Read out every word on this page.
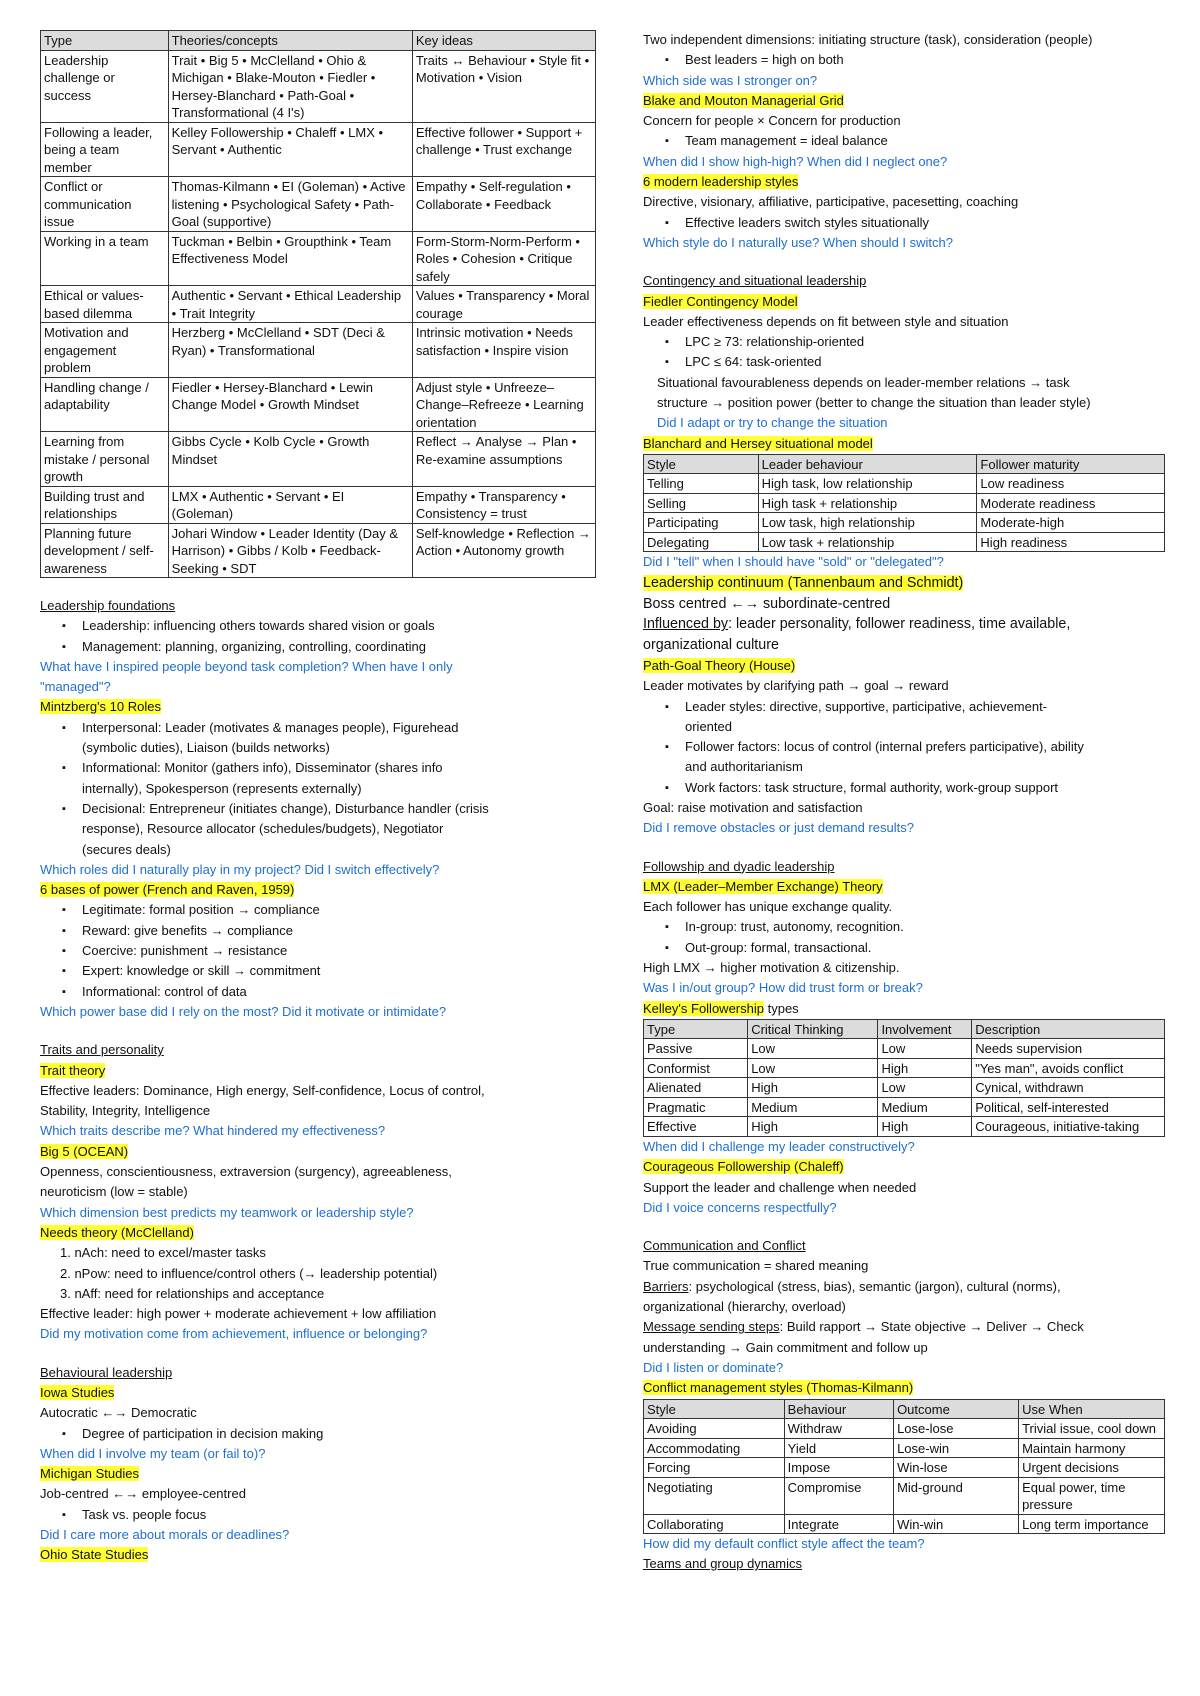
Type	Theories/concepts	Key ideas
Leadership challenge or success	Trait • Big 5 • McClelland • Ohio & Michigan • Blake-Mouton • Fiedler • Hersey-Blanchard • Path-Goal • Transformational (4 I's)	Traits ↔ Behaviour • Style fit • Motivation • Vision
Following a leader, being a team member	Kelley Followership • Chaleff • LMX • Servant • Authentic	Effective follower • Support + challenge • Trust exchange
Conflict or communication issue	Thomas-Kilmann • EI (Goleman) • Active listening • Psychological Safety • Path-Goal (supportive)	Empathy • Self-regulation • Collaborate • Feedback
Working in a team	Tuckman • Belbin • Groupthink • Team Effectiveness Model	Form-Storm-Norm-Perform • Roles • Cohesion • Critique safely
Ethical or values-based dilemma	Authentic • Servant • Ethical Leadership • Trait Integrity	Values • Transparency • Moral courage
Motivation and engagement problem	Herzberg • McClelland • SDT (Deci & Ryan) • Transformational	Intrinsic motivation • Needs satisfaction • Inspire vision
Handling change / adaptability	Fiedler • Hersey-Blanchard • Lewin Change Model • Growth Mindset	Adjust style • Unfreeze–Change–Refreeze • Learning orientation
Learning from mistake / personal growth	Gibbs Cycle • Kolb Cycle • Growth Mindset	Reflect → Analyse → Plan • Re-examine assumptions
Building trust and relationships	LMX • Authentic • Servant • EI (Goleman)	Empathy • Transparency • Consistency = trust
Planning future development / self-awareness	Johari Window • Leader Identity (Day & Harrison) • Gibbs / Kolb • Feedback-Seeking • SDT	Self-knowledge • Reflection → Action • Autonomy growth

Leadership foundations

▪ Leadership: influencing others towards shared vision or goals

▪ Management: planning, organizing, controlling, coordinating

What have I inspired people beyond task completion? When have I only

"managed"?

Mintzberg's 10 Roles

▪ Interpersonal: Leader (motivates & manages people), Figurehead

(symbolic duties), Liaison (builds networks)

▪ Informational: Monitor (gathers info), Disseminator (shares info

internally), Spokesperson (represents externally)

▪ Decisional: Entrepreneur (initiates change), Disturbance handler (crisis

response), Resource allocator (schedules/budgets), Negotiator

(secures deals)

Which roles did I naturally play in my project? Did I switch effectively?

6 bases of power (French and Raven, 1959)

▪ Legitimate: formal position → compliance

▪ Reward: give benefits → compliance

▪ Coercive: punishment → resistance

▪ Expert: knowledge or skill → commitment

▪ Informational: control of data

Which power base did I rely on the most? Did it motivate or intimidate?

Traits and personality

Trait theory

Effective leaders: Dominance, High energy, Self-confidence, Locus of control,

Stability, Integrity, Intelligence

Which traits describe me? What hindered my effectiveness?

Big 5 (OCEAN)

Openness, conscientiousness, extraversion (surgency), agreeableness,

neuroticism (low = stable)

Which dimension best predicts my teamwork or leadership style?

Needs theory (McClelland)

1. nAch: need to excel/master tasks

2. nPow: need to influence/control others (→ leadership potential)

3. nAff: need for relationships and acceptance

Effective leader: high power + moderate achievement + low affiliation

Did my motivation come from achievement, influence or belonging?

Behavioural leadership

Iowa Studies

Autocratic ←→ Democratic

▪ Degree of participation in decision making

When did I involve my team (or fail to)?

Michigan Studies

Job-centred ←→ employee-centred

▪ Task vs. people focus

Did I care more about morals or deadlines?

Ohio State Studies

Two independent dimensions: initiating structure (task), consideration (people)

▪ Best leaders = high on both

Which side was I stronger on?

Blake and Mouton Managerial Grid

Concern for people × Concern for production

▪ Team management = ideal balance

When did I show high-high? When did I neglect one?

6 modern leadership styles

Directive, visionary, affiliative, participative, pacesetting, coaching

▪ Effective leaders switch styles situationally

Which style do I naturally use? When should I switch?

Contingency and situational leadership

Fiedler Contingency Model

Leader effectiveness depends on fit between style and situation

▪ LPC ≥ 73: relationship-oriented

▪ LPC ≤ 64: task-oriented

Situational favourableness depends on leader-member relations → task

structure → position power (better to change the situation than leader style)

Did I adapt or try to change the situation

Blanchard and Hersey situational model

Style	Leader behaviour	Follower maturity
Telling	High task, low relationship	Low readiness
Selling	High task + relationship	Moderate readiness
Participating	Low task, high relationship	Moderate-high
Delegating	Low task + relationship	High readiness

Did I "tell" when I should have "sold" or "delegated"?

Leadership continuum (Tannenbaum and Schmidt)

Boss centred ←→ subordinate-centred

Influenced by: leader personality, follower readiness, time available,

organizational culture

Path-Goal Theory (House)

Leader motivates by clarifying path → goal → reward

▪ Leader styles: directive, supportive, participative, achievement-

oriented

▪ Follower factors: locus of control (internal prefers participative), ability

and authoritarianism

▪ Work factors: task structure, formal authority, work-group support

Goal: raise motivation and satisfaction

Did I remove obstacles or just demand results?

Followship and dyadic leadership

LMX (Leader–Member Exchange) Theory

Each follower has unique exchange quality.

▪ In-group: trust, autonomy, recognition.

▪ Out-group: formal, transactional.

High LMX → higher motivation & citizenship.

Was I in/out group? How did trust form or break?

Kelley's Followership types

Type	Critical Thinking	Involvement	Description
Passive	Low	Low	Needs supervision
Conformist	Low	High	"Yes man", avoids conflict
Alienated	High	Low	Cynical, withdrawn
Pragmatic	Medium	Medium	Political, self-interested
Effective	High	High	Courageous, initiative-taking

When did I challenge my leader constructively?

Courageous Followership (Chaleff)

Support the leader and challenge when needed

Did I voice concerns respectfully?

Communication and Conflict

True communication = shared meaning

Barriers: psychological (stress, bias), semantic (jargon), cultural (norms),

organizational (hierarchy, overload)

Message sending steps: Build rapport → State objective → Deliver → Check

understanding → Gain commitment and follow up

Did I listen or dominate?

Conflict management styles (Thomas-Kilmann)

Style	Behaviour	Outcome	Use When
Avoiding	Withdraw	Lose-lose	Trivial issue, cool down
Accommodating	Yield	Lose-win	Maintain harmony
Forcing	Impose	Win-lose	Urgent decisions
Negotiating	Compromise	Mid-ground	Equal power, time pressure
Collaborating	Integrate	Win-win	Long term importance

How did my default conflict style affect the team?

Teams and group dynamics
